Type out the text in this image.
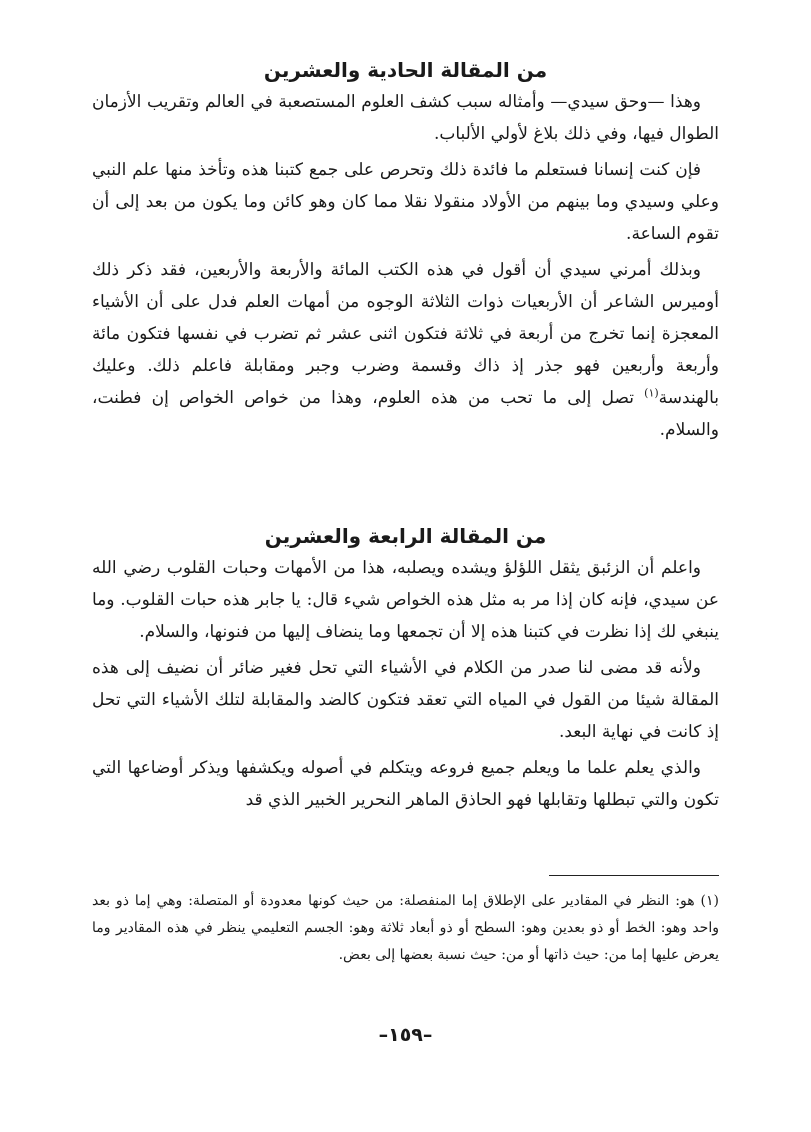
من المقالة الحادية والعشرين

وهذا —وحق سيدي— وأمثاله سبب كشف العلوم المستصعبة في العالم وتقريب الأزمان الطوال فيها، وفي ذلك بلاغ لأولي الألباب.

فإن كنت إنسانا فستعلم ما فائدة ذلك وتحرص على جمع كتبنا هذه وتأخذ منها علم النبي وعلي وسيدي وما بينهم من الأولاد منقولا نقلا مما كان وهو كائن وما يكون من بعد إلى أن تقوم الساعة.

وبذلك أمرني سيدي أن أقول في هذه الكتب المائة والأربعة والأربعين، فقد ذكر ذلك أوميرس الشاعر أن الأربعيات ذوات الثلاثة الوجوه من أمهات العلم فدل على أن الأشياء المعجزة إنما تخرج من أربعة في ثلاثة فتكون اثنى عشر ثم تضرب في نفسها فتكون مائة وأربعة وأربعين فهو جذر إذ ذاك وقسمة وضرب وجبر ومقابلة فاعلم ذلك. وعليك بالهندسة$^{(١)}$ تصل إلى ما تحب من هذه العلوم، وهذا من خواص الخواص إن فطنت، والسلام.

من المقالة الرابعة والعشرين

واعلم أن الزئبق يثقل اللؤلؤ ويشده ويصلبه، هذا من الأمهات وحبات القلوب رضي الله عن سيدي، فإنه كان إذا مر به مثل هذه الخواص شيء قال: يا جابر هذه حبات القلوب. وما ينبغي لك إذا نظرت في كتبنا هذه إلا أن تجمعها وما ينضاف إليها من فنونها، والسلام.

ولأنه قد مضى لنا صدر من الكلام في الأشياء التي تحل فغير ضائر أن نضيف إلى هذه المقالة شيئا من القول في المياه التي تعقد فتكون كالضد والمقابلة لتلك الأشياء التي تحل إذ كانت في نهاية البعد.

والذي يعلم علما ما ويعلم جميع فروعه ويتكلم في أصوله ويكشفها ويذكر أوضاعها التي تكون والتي تبطلها وتقابلها فهو الحاذق الماهر النحرير الخبير الذي قد

(١) هو: النظر في المقادير على الإطلاق إما المنفصلة: من حيث كونها معدودة أو المتصلة: وهي إما ذو بعد واحد وهو: الخط أو ذو بعدين وهو: السطح أو ذو أبعاد ثلاثة وهو: الجسم التعليمي ينظر في هذه المقادير وما يعرض عليها إما من: حيث ذاتها أو من: حيث نسبة بعضها إلى بعض.

–١٥٩–
